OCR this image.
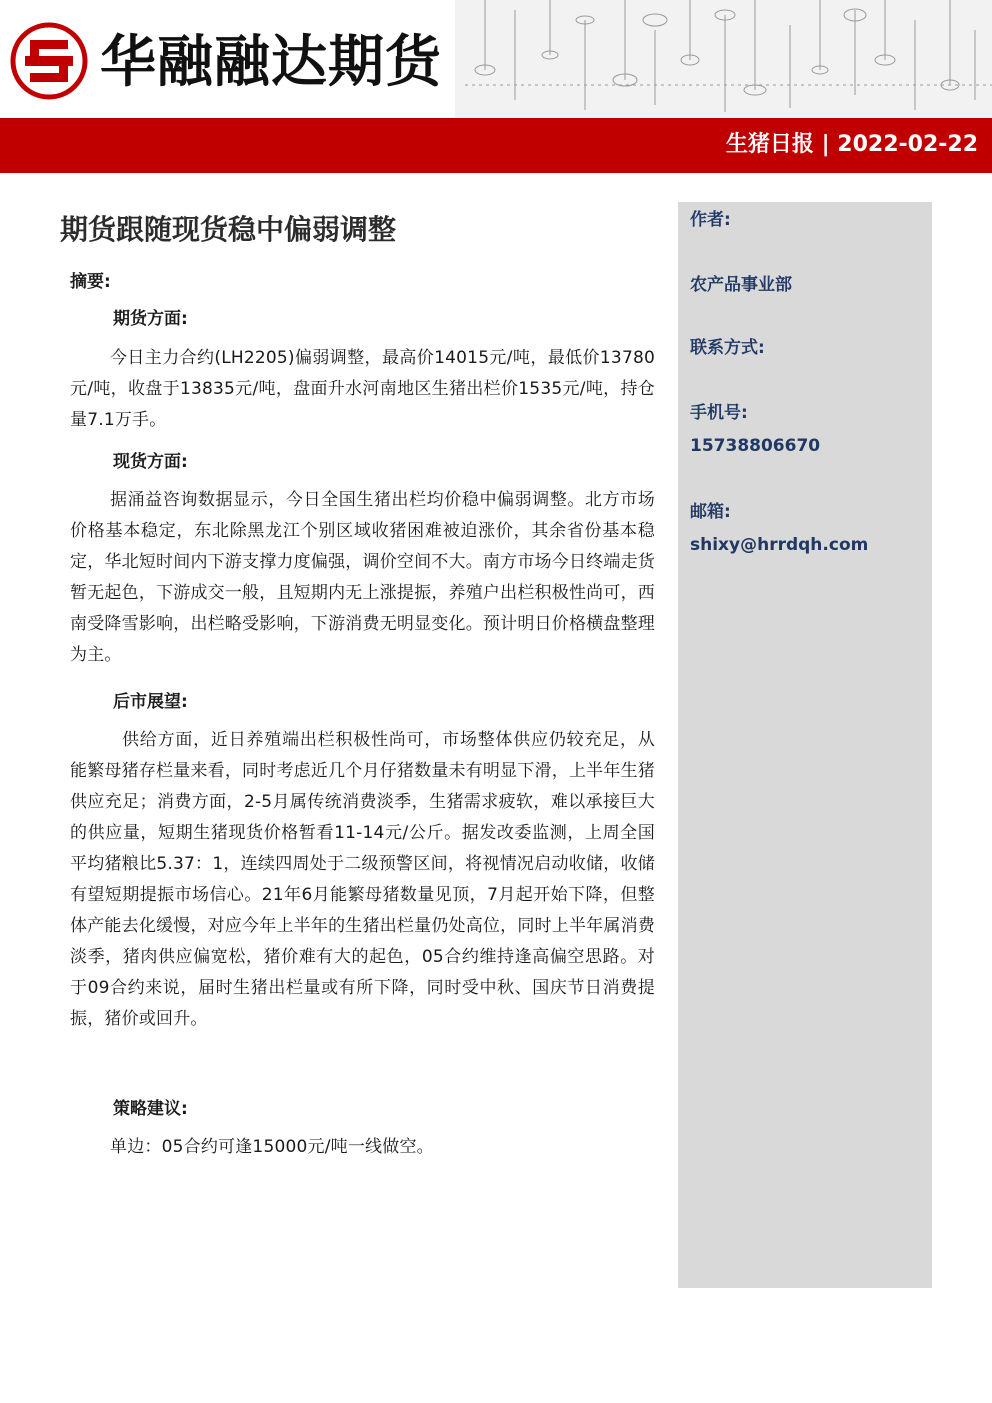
华融融达期货
生猪日报 | 2022-02-22
期货跟随现货稳中偏弱调整
摘要:
期货方面:
今日主力合约(LH2205)偏弱调整，最高价14015元/吨，最低价13780元/吨，收盘于13835元/吨，盘面升水河南地区生猪出栏价1535元/吨，持仓量7.1万手。
现货方面:
据涌益咨询数据显示，今日全国生猪出栏均价稳中偏弱调整。北方市场价格基本稳定，东北除黑龙江个别区域收猪困难被迫涨价，其余省份基本稳定，华北短时间内下游支撑力度偏强，调价空间不大。南方市场今日终端走货暂无起色，下游成交一般，且短期内无上涨提振，养殖户出栏积极性尚可，西南受降雪影响，出栏略受影响，下游消费无明显变化。预计明日价格横盘整理为主。
后市展望:
供给方面，近日养殖端出栏积极性尚可，市场整体供应仍较充足，从能繁母猪存栏量来看，同时考虑近几个月仔猪数量未有明显下滑，上半年生猪供应充足；消费方面，2-5月属传统消费淡季，生猪需求疲软，难以承接巨大的供应量，短期生猪现货价格暂看11-14元/公斤。据发改委监测，上周全国平均猪粮比5.37：1，连续四周处于二级预警区间，将视情况启动收储，收储有望短期提振市场信心。21年6月能繁母猪数量见顶，7月起开始下降，但整体产能去化缓慢，对应今年上半年的生猪出栏量仍处高位，同时上半年属消费淡季，猪肉供应偏宽松，猪价难有大的起色，05合约维持逢高偏空思路。对于09合约来说，届时生猪出栏量或有所下降，同时受中秋、国庆节日消费提振，猪价或回升。
策略建议:
单边：05合约可逢15000元/吨一线做空。
作者:
农产品事业部
联系方式:
手机号:
15738806670
邮箱:
shixy@hrrdqh.com
